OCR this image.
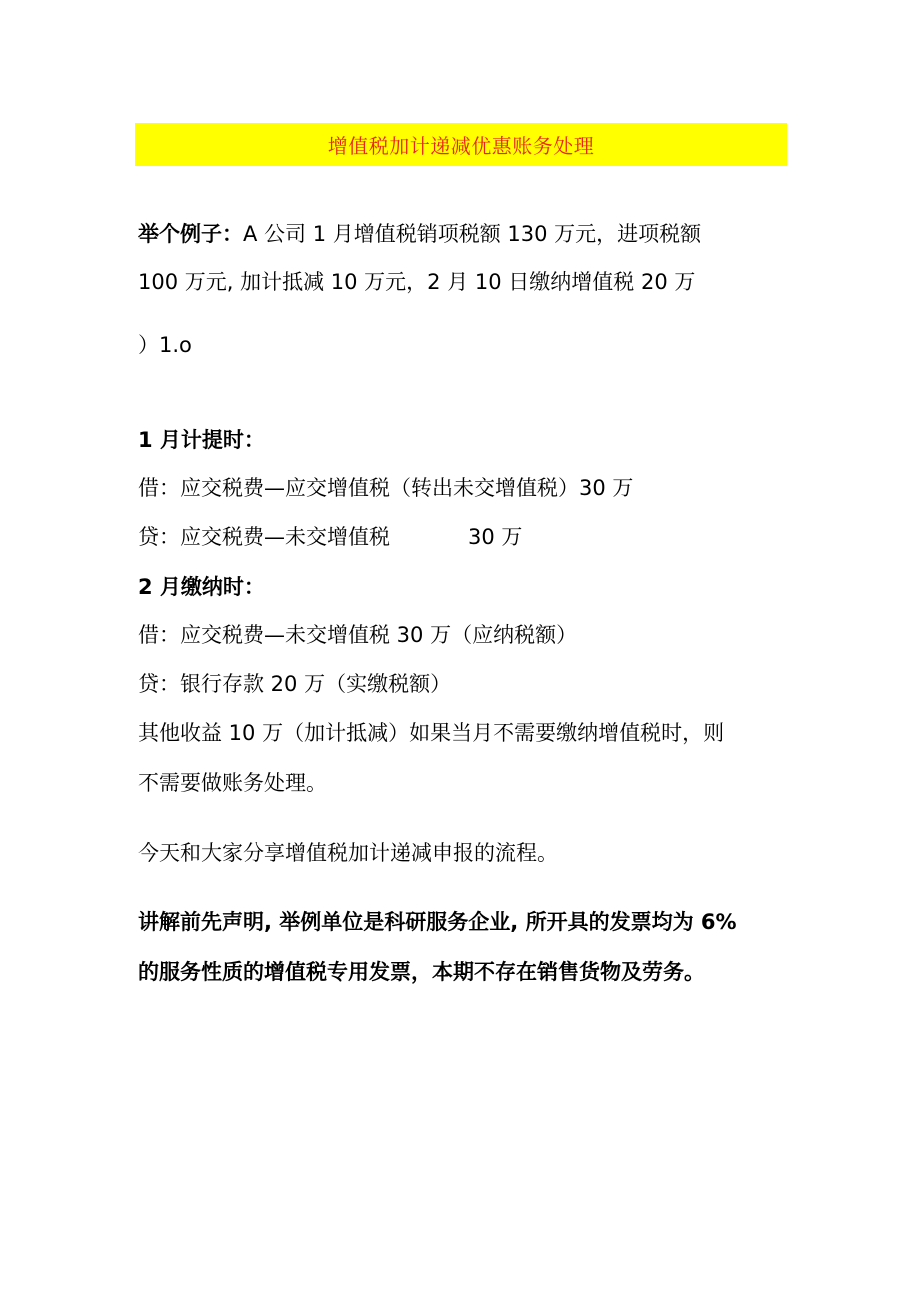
增值税加计递减优惠账务处理
举个例子：A 公司 1 月增值税销项税额 130 万元，进项税额
100 万元, 加计抵减 10 万元，2 月 10 日缴纳增值税 20 万
）1.o
1 月计提时：
借：应交税费—应交增值税（转出未交增值税）30 万
贷：应交税费—未交增值税	30 万
2 月缴纳时：
借：应交税费—未交增值税 30 万（应纳税额）
贷：银行存款 20 万（实缴税额）
其他收益 10 万（加计抵减）如果当月不需要缴纳增值税时，则
不需要做账务处理。
今天和大家分享增值税加计递减申报的流程。
讲解前先声明, 举例单位是科研服务企业, 所开具的发票均为 6%
的服务性质的增值税专用发票，本期不存在销售货物及劳务。
